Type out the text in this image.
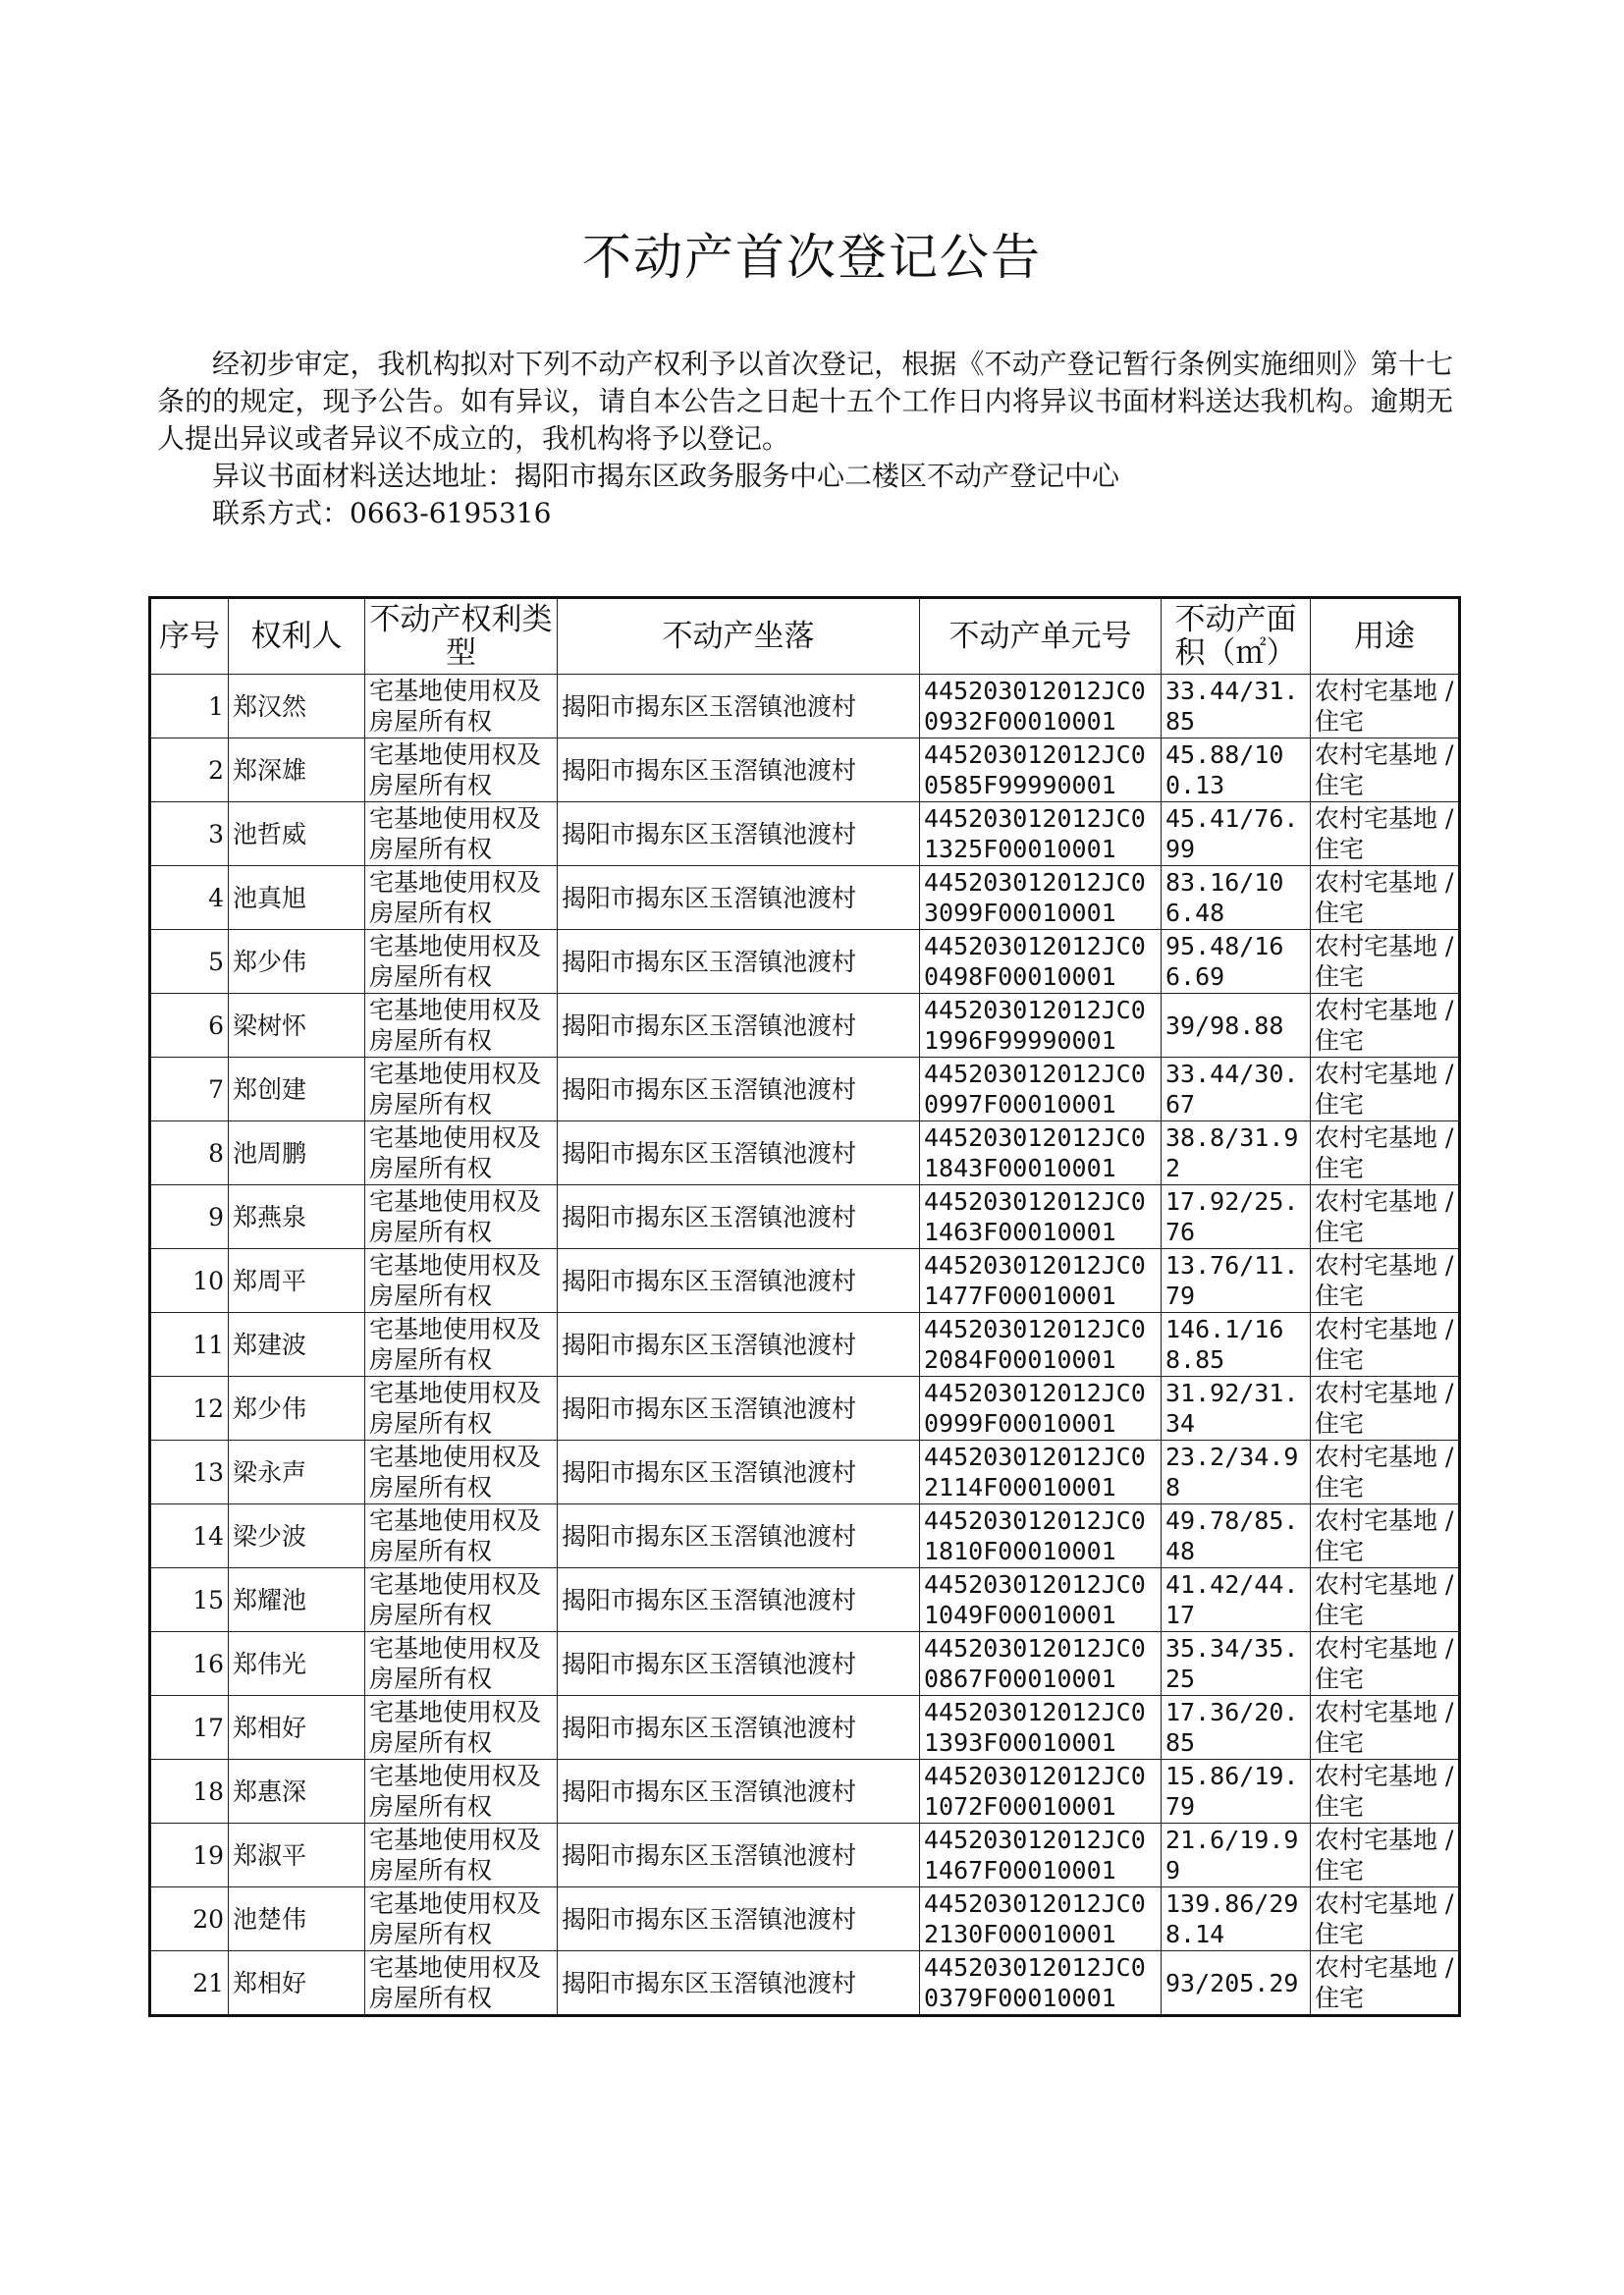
不动产首次登记公告

经初步审定，我机构拟对下列不动产权利予以首次登记，根据《不动产登记暂行条例实施细则》第十七条的的规定，现予公告。如有异议，请自本公告之日起十五个工作日内将异议书面材料送达我机构。逾期无人提出异议或者异议不成立的，我机构将予以登记。

异议书面材料送达地址：揭阳市揭东区政务服务中心二楼区不动产登记中心

联系方式：0663-6195316

序号	权利人	不动产权利类型	不动产坐落	不动产单元号	不动产面积（㎡）	用途
1	郑汉然	宅基地使用权及房屋所有权	揭阳市揭东区玉滘镇池渡村	445203012012JC00932F00010001	33.44/31.85	农村宅基地 / 住宅
2	郑深雄	宅基地使用权及房屋所有权	揭阳市揭东区玉滘镇池渡村	445203012012JC00585F99990001	45.88/100.13	农村宅基地 / 住宅
3	池哲威	宅基地使用权及房屋所有权	揭阳市揭东区玉滘镇池渡村	445203012012JC01325F00010001	45.41/76.99	农村宅基地 / 住宅
4	池真旭	宅基地使用权及房屋所有权	揭阳市揭东区玉滘镇池渡村	445203012012JC03099F00010001	83.16/106.48	农村宅基地 / 住宅
5	郑少伟	宅基地使用权及房屋所有权	揭阳市揭东区玉滘镇池渡村	445203012012JC00498F00010001	95.48/166.69	农村宅基地 / 住宅
6	梁树怀	宅基地使用权及房屋所有权	揭阳市揭东区玉滘镇池渡村	445203012012JC01996F99990001	39/98.88	农村宅基地 / 住宅
7	郑创建	宅基地使用权及房屋所有权	揭阳市揭东区玉滘镇池渡村	445203012012JC00997F00010001	33.44/30.67	农村宅基地 / 住宅
8	池周鹏	宅基地使用权及房屋所有权	揭阳市揭东区玉滘镇池渡村	445203012012JC01843F00010001	38.8/31.92	农村宅基地 / 住宅
9	郑燕泉	宅基地使用权及房屋所有权	揭阳市揭东区玉滘镇池渡村	445203012012JC01463F00010001	17.92/25.76	农村宅基地 / 住宅
10	郑周平	宅基地使用权及房屋所有权	揭阳市揭东区玉滘镇池渡村	445203012012JC01477F00010001	13.76/11.79	农村宅基地 / 住宅
11	郑建波	宅基地使用权及房屋所有权	揭阳市揭东区玉滘镇池渡村	445203012012JC02084F00010001	146.1/168.85	农村宅基地 / 住宅
12	郑少伟	宅基地使用权及房屋所有权	揭阳市揭东区玉滘镇池渡村	445203012012JC00999F00010001	31.92/31.34	农村宅基地 / 住宅
13	梁永声	宅基地使用权及房屋所有权	揭阳市揭东区玉滘镇池渡村	445203012012JC02114F00010001	23.2/34.98	农村宅基地 / 住宅
14	梁少波	宅基地使用权及房屋所有权	揭阳市揭东区玉滘镇池渡村	445203012012JC01810F00010001	49.78/85.48	农村宅基地 / 住宅
15	郑耀池	宅基地使用权及房屋所有权	揭阳市揭东区玉滘镇池渡村	445203012012JC01049F00010001	41.42/44.17	农村宅基地 / 住宅
16	郑伟光	宅基地使用权及房屋所有权	揭阳市揭东区玉滘镇池渡村	445203012012JC00867F00010001	35.34/35.25	农村宅基地 / 住宅
17	郑相好	宅基地使用权及房屋所有权	揭阳市揭东区玉滘镇池渡村	445203012012JC01393F00010001	17.36/20.85	农村宅基地 / 住宅
18	郑惠深	宅基地使用权及房屋所有权	揭阳市揭东区玉滘镇池渡村	445203012012JC01072F00010001	15.86/19.79	农村宅基地 / 住宅
19	郑淑平	宅基地使用权及房屋所有权	揭阳市揭东区玉滘镇池渡村	445203012012JC01467F00010001	21.6/19.99	农村宅基地 / 住宅
20	池楚伟	宅基地使用权及房屋所有权	揭阳市揭东区玉滘镇池渡村	445203012012JC02130F00010001	139.86/298.14	农村宅基地 / 住宅
21	郑相好	宅基地使用权及房屋所有权	揭阳市揭东区玉滘镇池渡村	445203012012JC00379F00010001	93/205.29	农村宅基地 / 住宅
